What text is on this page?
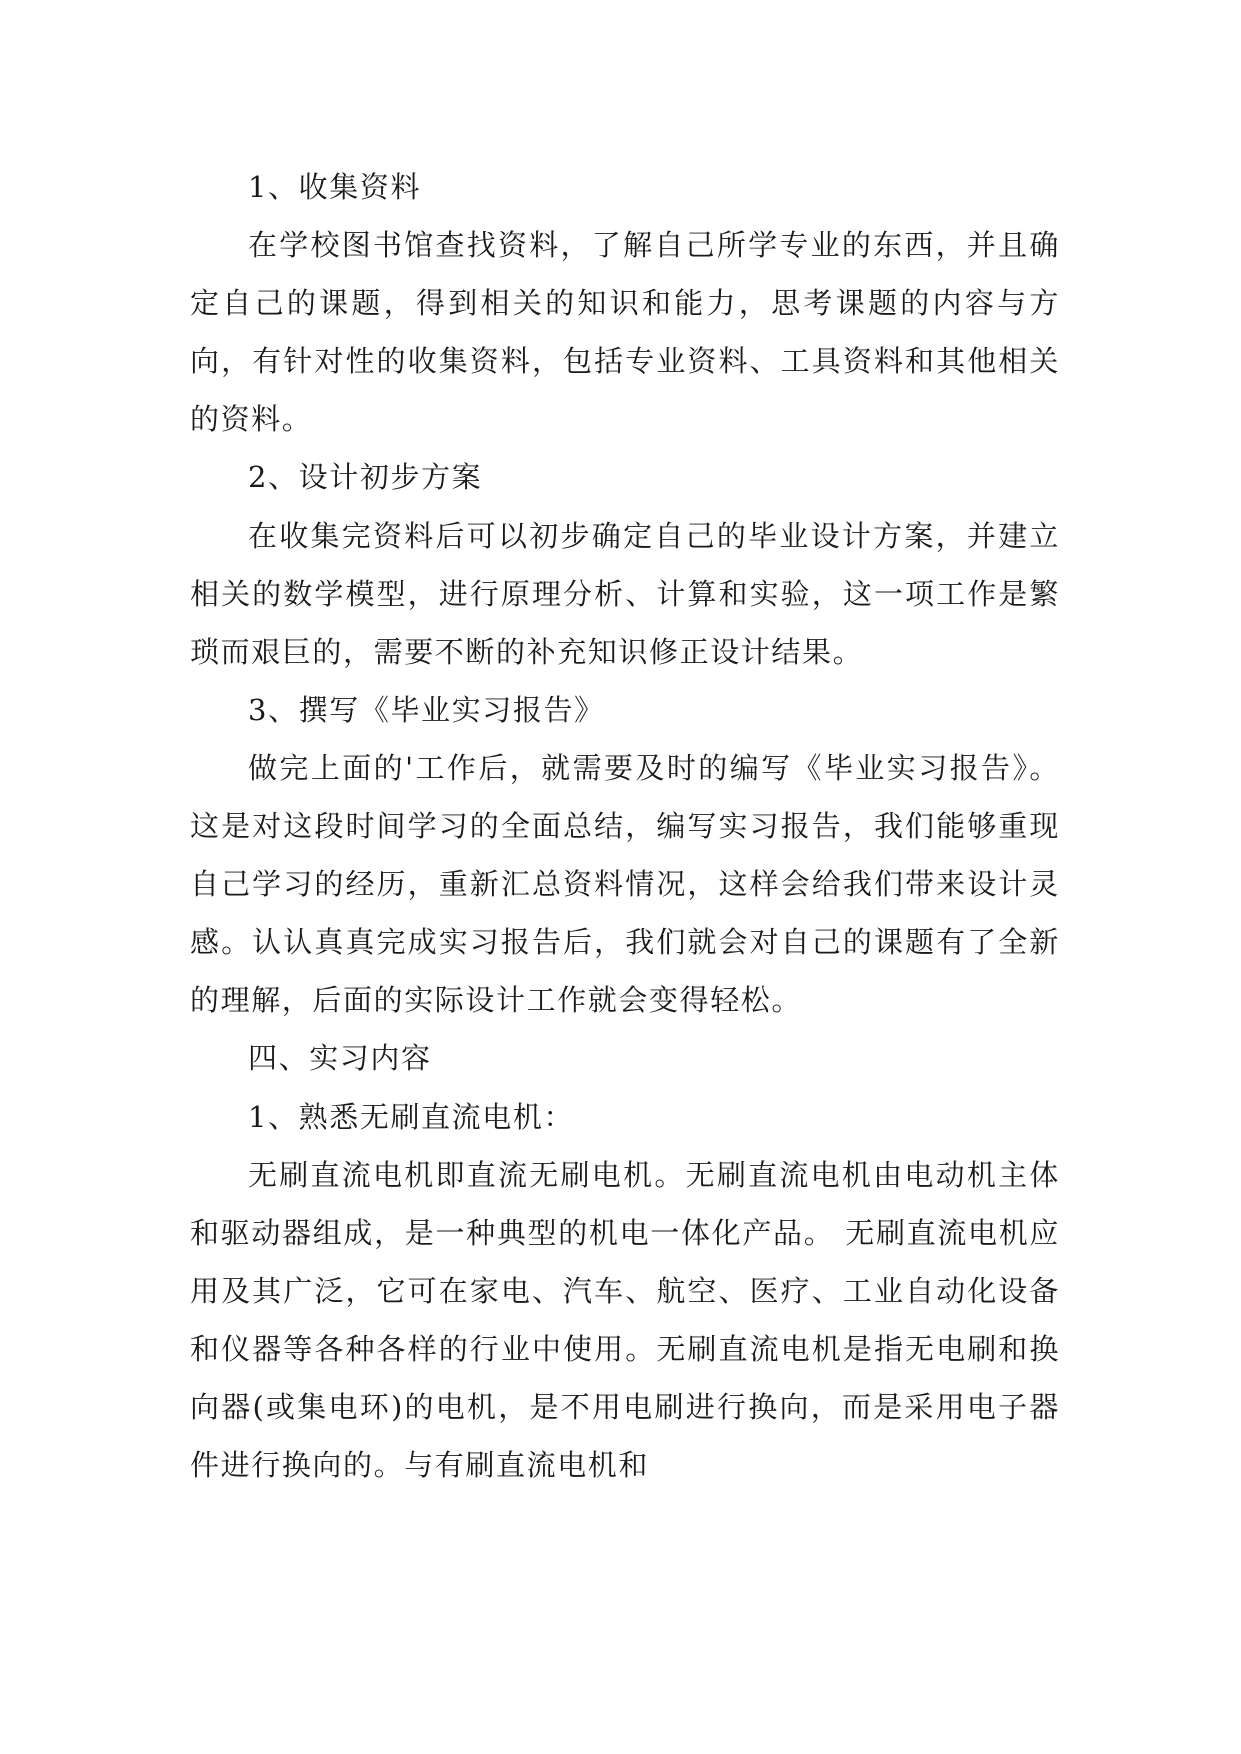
1、收集资料

在学校图书馆查找资料，了解自己所学专业的东西，并且确定自己的课题，得到相关的知识和能力，思考课题的内容与方向，有针对性的收集资料，包括专业资料、工具资料和其他相关的资料。

2、设计初步方案

在收集完资料后可以初步确定自己的毕业设计方案，并建立相关的数学模型，进行原理分析、计算和实验，这一项工作是繁琐而艰巨的，需要不断的补充知识修正设计结果。

3、撰写《毕业实习报告》

做完上面的'工作后，就需要及时的编写《毕业实习报告》。这是对这段时间学习的全面总结，编写实习报告，我们能够重现自己学习的经历，重新汇总资料情况，这样会给我们带来设计灵感。认认真真完成实习报告后，我们就会对自己的课题有了全新的理解，后面的实际设计工作就会变得轻松。

四、实习内容

1、熟悉无刷直流电机：

无刷直流电机即直流无刷电机。无刷直流电机由电动机主体和驱动器组成，是一种典型的机电一体化产品。 无刷直流电机应用及其广泛，它可在家电、汽车、航空、医疗、工业自动化设备和仪器等各种各样的行业中使用。无刷直流电机是指无电刷和换向器(或集电环)的电机，是不用电刷进行换向，而是采用电子器件进行换向的。与有刷直流电机和
